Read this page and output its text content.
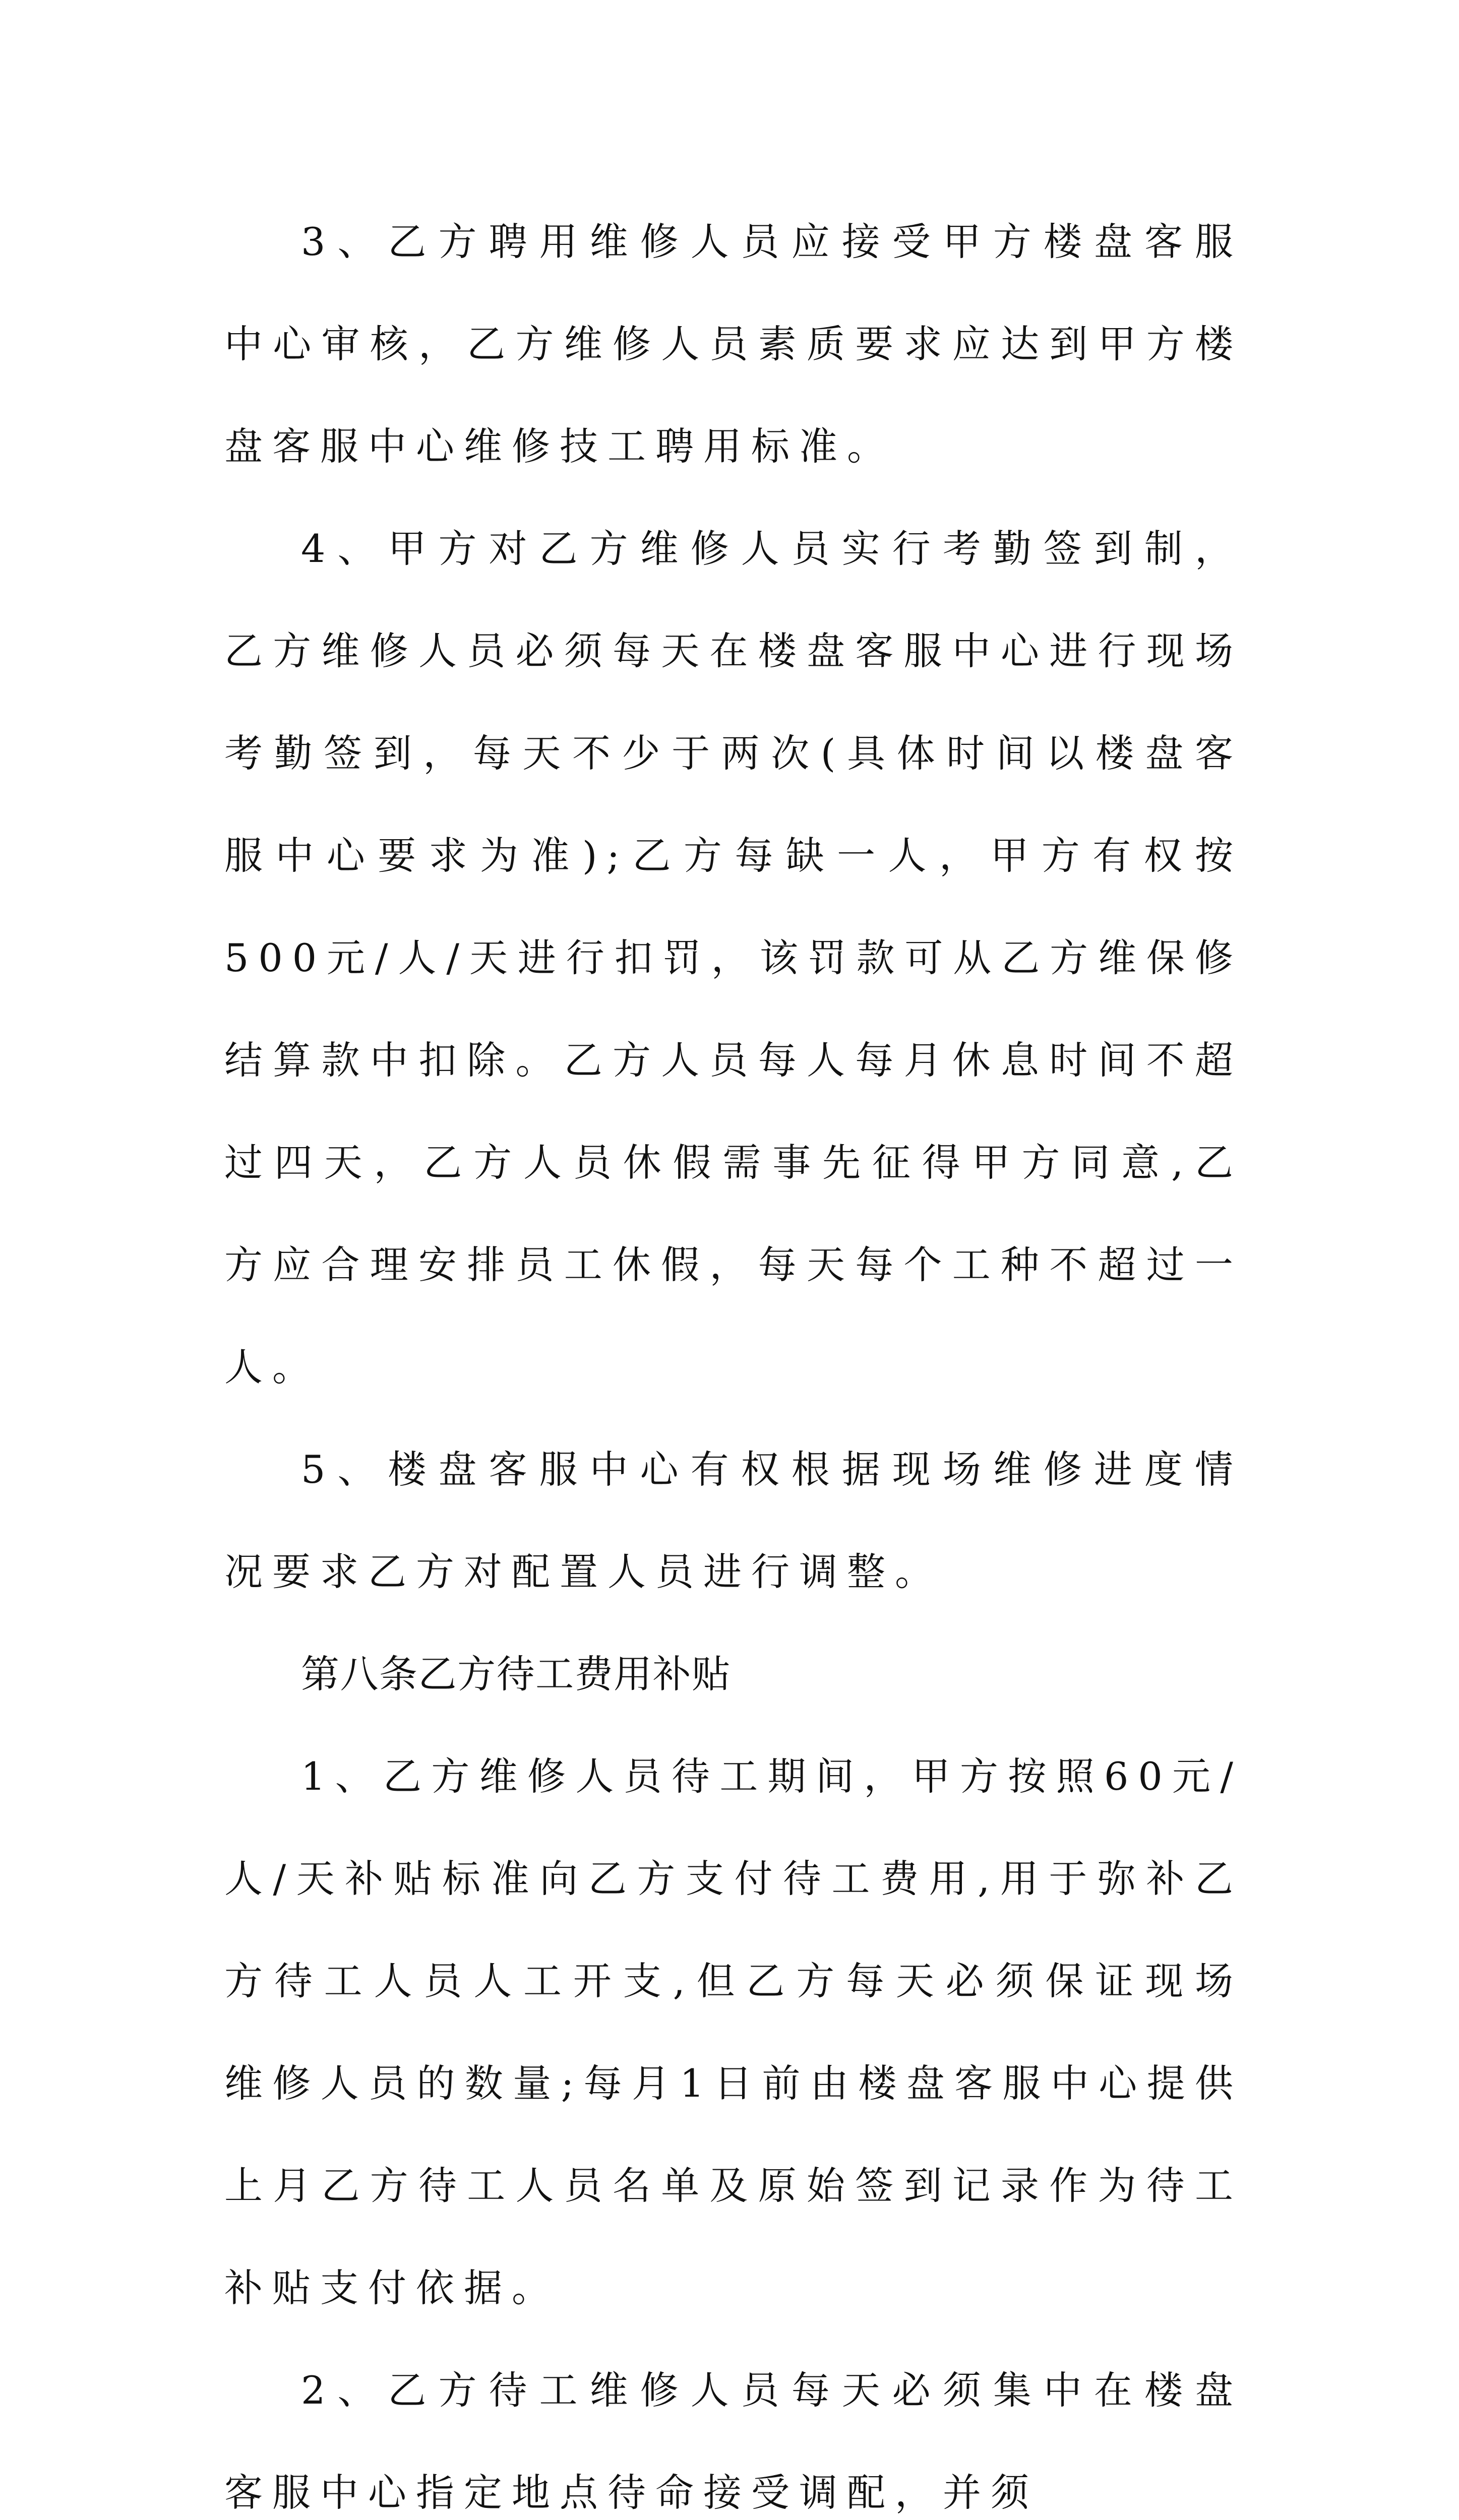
3、乙方聘用维修人员应接受甲方楼盘客服中心审核，乙方维修人员素质要求应达到甲方楼盘客服中心维修技工聘用标准。

4、甲方对乙方维修人员实行考勤签到制，乙方维修人员必须每天在楼盘客服中心进行现场考勤签到，每天不少于两次(具体时间以楼盘客服中心要求为准);乙方每缺一人，甲方有权按500元/人/天进行扣罚，该罚款可从乙方维保修结算款中扣除。乙方人员每人每月休息时间不超过四天，乙方人员休假需事先征得甲方同意,乙方应合理安排员工休假，每天每个工种不超过一人。

5、楼盘客服中心有权根据现场维修进度情况要求乙方对配置人员进行调整。

第八条乙方待工费用补贴

1、乙方维修人员待工期间，甲方按照60元/人/天补贴标准向乙方支付待工费用,用于弥补乙方待工人员人工开支,但乙方每天必须保证现场维修人员的数量;每月1日前由楼盘客服中心提供上月乙方待工人员名单及原始签到记录作为待工补贴支付依据。

2、乙方待工维修人员每天必须集中在楼盘客服中心指定地点待命接受调配，并须
